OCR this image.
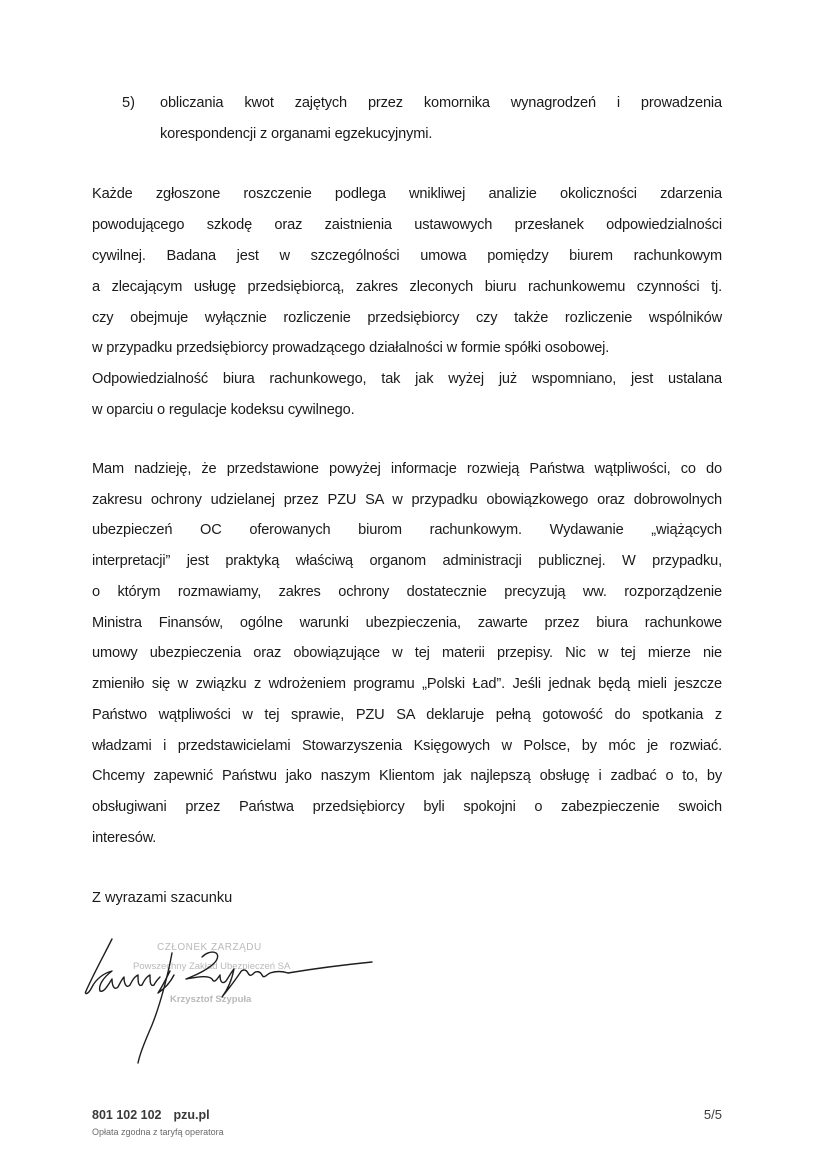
5) obliczania kwot zajętych przez komornika wynagrodzeń i prowadzenia
korespondencji z organami egzekucyjnymi.
Każde zgłoszone roszczenie podlega wnikliwej analizie okoliczności zdarzenia
powodującego szkodę oraz zaistnienia ustawowych przesłanek odpowiedzialności
cywilnej. Badana jest w szczególności umowa pomiędzy biurem rachunkowym
a zlecającym usługę przedsiębiorcą, zakres zleconych biuru rachunkowemu czynności tj.
czy obejmuje wyłącznie rozliczenie przedsiębiorcy czy także rozliczenie wspólników
w przypadku przedsiębiorcy prowadzącego działalności w formie spółki osobowej.
Odpowiedzialność biura rachunkowego, tak jak wyżej już wspomniano, jest ustalana
w oparciu o regulacje kodeksu cywilnego.
Mam nadzieję, że przedstawione powyżej informacje rozwieją Państwa wątpliwości, co do
zakresu ochrony udzielanej przez PZU SA w przypadku obowiązkowego oraz dobrowolnych
ubezpieczeń OC oferowanych biurom rachunkowym. Wydawanie „wiążących
interpretacji” jest praktyką właściwą organom administracji publicznej. W przypadku,
o którym rozmawiamy, zakres ochrony dostatecznie precyzują ww. rozporządzenie
Ministra Finansów, ogólne warunki ubezpieczenia, zawarte przez biura rachunkowe
umowy ubezpieczenia oraz obowiązujące w tej materii przepisy. Nic w tej mierze nie
zmieniło się w związku z wdrożeniem programu „Polski Ład”. Jeśli jednak będą mieli jeszcze
Państwo wątpliwości w tej sprawie, PZU SA deklaruje pełną gotowość do spotkania z
władzami i przedstawicielami Stowarzyszenia Księgowych w Polsce, by móc je rozwiać.
Chcemy zapewnić Państwu jako naszym Klientom jak najlepszą obsługę i zadbać o to, by
obsługiwani przez Państwa przedsiębiorcy byli spokojni o zabezpieczenie swoich
interesów.
Z wyrazami szacunku
CZŁONEK ZARZĄDU
Powszechny Zakład Ubezpieczeń SA
Krzysztof Szypuła
801 102 102 pzu.pl
Opłata zgodna z taryfą operatora
5/5
